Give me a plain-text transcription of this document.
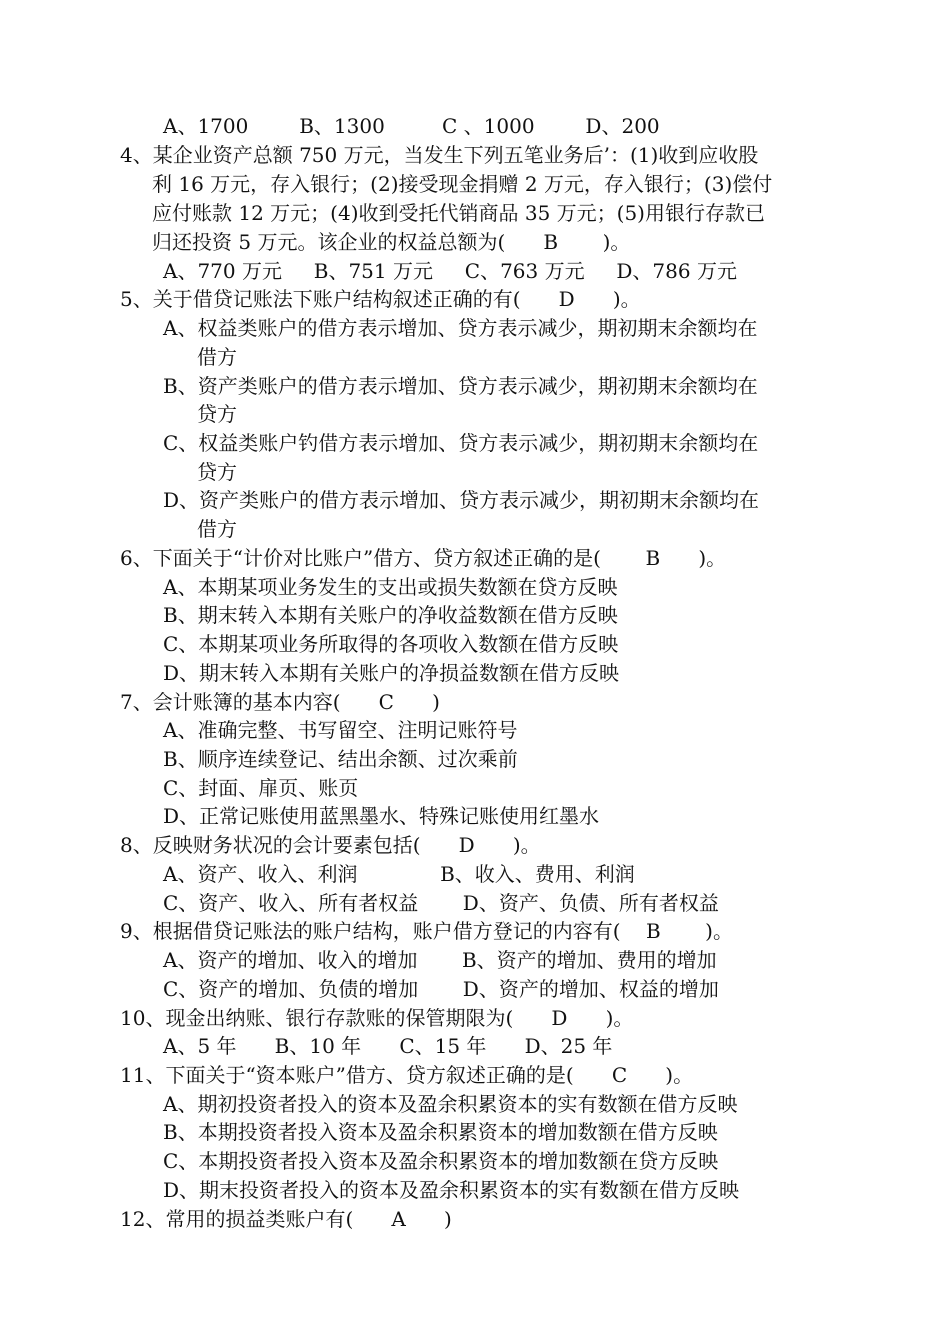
A、1700        B、1300         C 、1000        D、200
4、某企业资产总额 750 万元，当发生下列五笔业务后’：(1)收到应收股
利 16 万元，存入银行；(2)接受现金捐赠 2 万元，存入银行；(3)偿付
应付账款 12 万元；(4)收到受托代销商品 35 万元；(5)用银行存款已
归还投资 5 万元。该企业的权益总额为(      B       )。
A、770 万元     B、751 万元     C、763 万元     D、786 万元
5、关于借贷记账法下账户结构叙述正确的有(      D      )。
A、权益类账户的借方表示增加、贷方表示减少，期初期末余额均在
借方
B、资产类账户的借方表示增加、贷方表示减少，期初期末余额均在
贷方
C、权益类账户钓借方表示增加、贷方表示减少，期初期末余额均在
贷方
D、资产类账户的借方表示增加、贷方表示减少，期初期末余额均在
借方
6、下面关于“计价对比账户”借方、贷方叙述正确的是(       B      )。
A、本期某项业务发生的支出或损失数额在贷方反映
B、期末转入本期有关账户的净收益数额在借方反映
C、本期某项业务所取得的各项收入数额在借方反映
D、期末转入本期有关账户的净损益数额在借方反映
7、会计账簿的基本内容(      C      )
A、准确完整、书写留空、注明记账符号
B、顺序连续登记、结出余额、过次乘前
C、封面、扉页、账页
D、正常记账使用蓝黑墨水、特殊记账使用红墨水
8、反映财务状况的会计要素包括(      D      )。
A、资产、收入、利润             B、收入、费用、利润
C、资产、收入、所有者权益       D、资产、负债、所有者权益
9、根据借贷记账法的账户结构，账户借方登记的内容有(    B       )。
A、资产的增加、收入的增加       B、资产的增加、费用的增加
C、资产的增加、负债的增加       D、资产的增加、权益的增加
10、现金出纳账、银行存款账的保管期限为(      D      )。
A、5 年      B、10 年      C、15 年      D、25 年
11、下面关于“资本账户”借方、贷方叙述正确的是(      C      )。
A、期初投资者投入的资本及盈余积累资本的实有数额在借方反映
B、本期投资者投入资本及盈余积累资本的增加数额在借方反映
C、本期投资者投入资本及盈余积累资本的增加数额在贷方反映
D、期末投资者投入的资本及盈余积累资本的实有数额在借方反映
12、常用的损益类账户有(      A      )
